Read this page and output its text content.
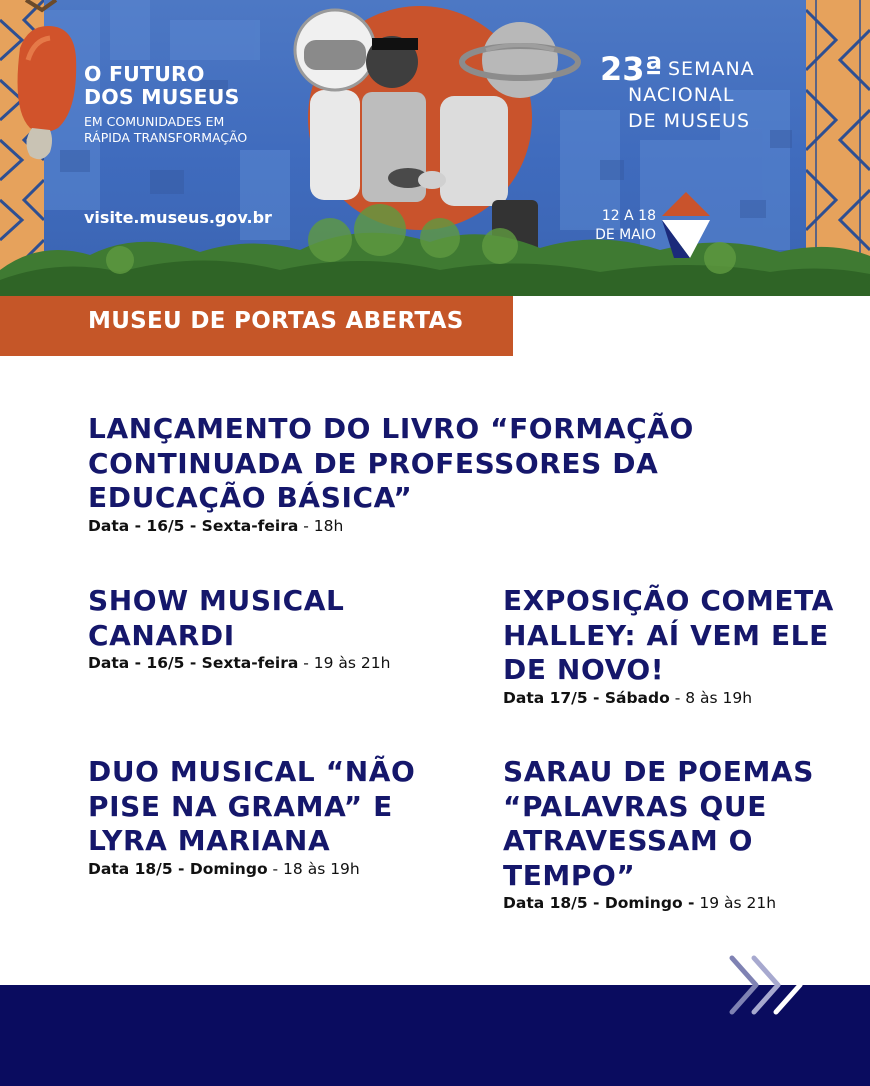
O FUTURO
DOS MUSEUS
EM COMUNIDADES EM
RÁPIDA TRANSFORMAÇÃO
visite.museus.gov.br
23ª SEMANA
NACIONAL
DE MUSEUS
12 A 18
DE MAIO
MUSEU DE PORTAS ABERTAS
LANÇAMENTO DO LIVRO “FORMAÇÃO CONTINUADA DE PROFESSORES DA EDUCAÇÃO BÁSICA”

Data - 16/5 - Sexta-feira - 18h

SHOW MUSICAL CANARDI

Data - 16/5 - Sexta-feira - 19 às 21h

EXPOSIÇÃO COMETA HALLEY: AÍ VEM ELE DE NOVO!

Data 17/5 - Sábado - 8 às 19h

DUO MUSICAL “NÃO PISE NA GRAMA” E LYRA MARIANA

Data 18/5 - Domingo - 18 às 19h

SARAU DE POEMAS “PALAVRAS QUE ATRAVESSAM O TEMPO”

Data 18/5 - Domingo - 19 às 21h
